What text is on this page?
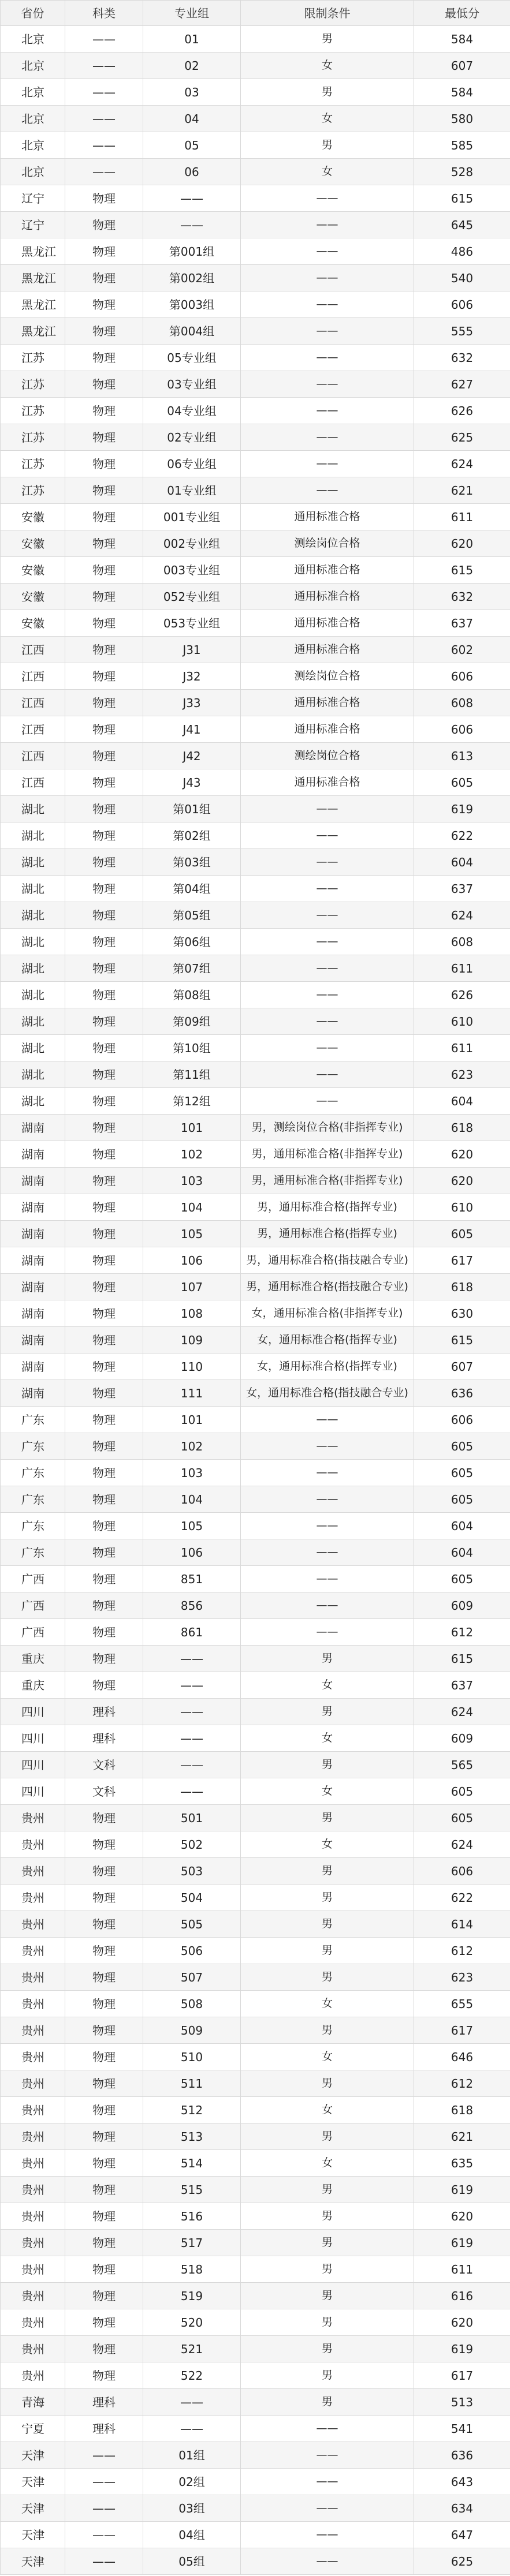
省份	科类	专业组	限制条件	最低分
北京	——	01	男	584
北京	——	02	女	607
北京	——	03	男	584
北京	——	04	女	580
北京	——	05	男	585
北京	——	06	女	528
辽宁	物理	——	——	615
辽宁	物理	——	——	645
黑龙江	物理	第001组	——	486
黑龙江	物理	第002组	——	540
黑龙江	物理	第003组	——	606
黑龙江	物理	第004组	——	555
江苏	物理	05专业组	——	632
江苏	物理	03专业组	——	627
江苏	物理	04专业组	——	626
江苏	物理	02专业组	——	625
江苏	物理	06专业组	——	624
江苏	物理	01专业组	——	621
安徽	物理	001专业组	通用标准合格	611
安徽	物理	002专业组	测绘岗位合格	620
安徽	物理	003专业组	通用标准合格	615
安徽	物理	052专业组	通用标准合格	632
安徽	物理	053专业组	通用标准合格	637
江西	物理	J31	通用标准合格	602
江西	物理	J32	测绘岗位合格	606
江西	物理	J33	通用标准合格	608
江西	物理	J41	通用标准合格	606
江西	物理	J42	测绘岗位合格	613
江西	物理	J43	通用标准合格	605
湖北	物理	第01组	——	619
湖北	物理	第02组	——	622
湖北	物理	第03组	——	604
湖北	物理	第04组	——	637
湖北	物理	第05组	——	624
湖北	物理	第06组	——	608
湖北	物理	第07组	——	611
湖北	物理	第08组	——	626
湖北	物理	第09组	——	610
湖北	物理	第10组	——	611
湖北	物理	第11组	——	623
湖北	物理	第12组	——	604
湖南	物理	101	男，测绘岗位合格(非指挥专业)	618
湖南	物理	102	男，通用标准合格(非指挥专业)	620
湖南	物理	103	男，通用标准合格(非指挥专业)	620
湖南	物理	104	男，通用标准合格(指挥专业)	610
湖南	物理	105	男，通用标准合格(指挥专业)	605
湖南	物理	106	男，通用标准合格(指技融合专业)	617
湖南	物理	107	男，通用标准合格(指技融合专业)	618
湖南	物理	108	女，通用标准合格(非指挥专业)	630
湖南	物理	109	女，通用标准合格(指挥专业)	615
湖南	物理	110	女，通用标准合格(指挥专业)	607
湖南	物理	111	女，通用标准合格(指技融合专业)	636
广东	物理	101	——	606
广东	物理	102	——	605
广东	物理	103	——	605
广东	物理	104	——	605
广东	物理	105	——	604
广东	物理	106	——	604
广西	物理	851	——	605
广西	物理	856	——	609
广西	物理	861	——	612
重庆	物理	——	男	615
重庆	物理	——	女	637
四川	理科	——	男	624
四川	理科	——	女	609
四川	文科	——	男	565
四川	文科	——	女	605
贵州	物理	501	男	605
贵州	物理	502	女	624
贵州	物理	503	男	606
贵州	物理	504	男	622
贵州	物理	505	男	614
贵州	物理	506	男	612
贵州	物理	507	男	623
贵州	物理	508	女	655
贵州	物理	509	男	617
贵州	物理	510	女	646
贵州	物理	511	男	612
贵州	物理	512	女	618
贵州	物理	513	男	621
贵州	物理	514	女	635
贵州	物理	515	男	619
贵州	物理	516	男	620
贵州	物理	517	男	619
贵州	物理	518	男	611
贵州	物理	519	男	616
贵州	物理	520	男	620
贵州	物理	521	男	619
贵州	物理	522	男	617
青海	理科	——	男	513
宁夏	理科	——	——	541
天津	——	01组	——	636
天津	——	02组	——	643
天津	——	03组	——	634
天津	——	04组	——	647
天津	——	05组	——	625
